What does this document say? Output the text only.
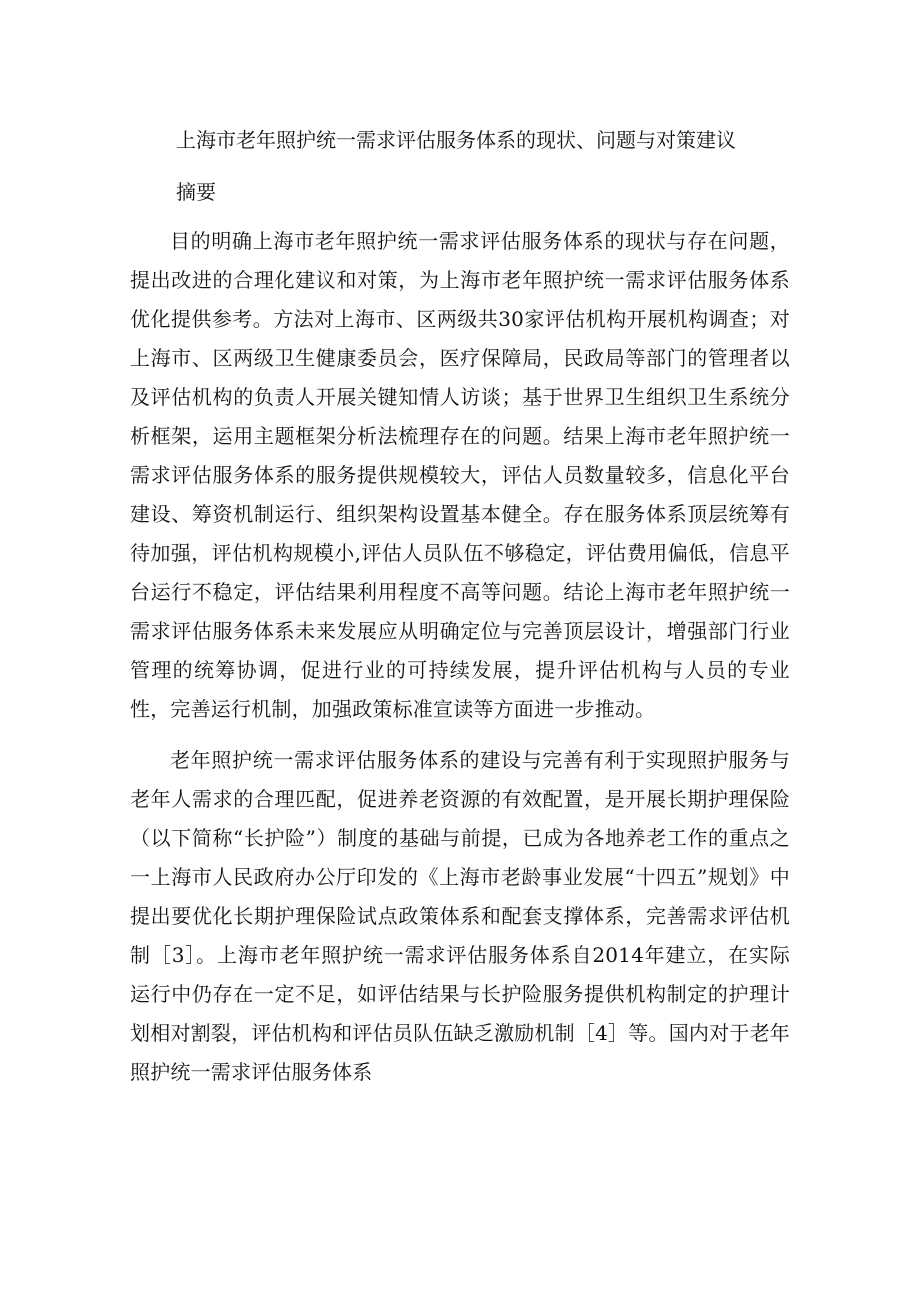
上海市老年照护统一需求评估服务体系的现状、问题与对策建议
摘要

目的明确上海市老年照护统一需求评估服务体系的现状与存在问题，提出改进的合理化建议和对策，为上海市老年照护统一需求评估服务体系优化提供参考。方法对上海市、区两级共30家评估机构开展机构调查；对上海市、区两级卫生健康委员会，医疗保障局，民政局等部门的管理者以及评估机构的负责人开展关键知情人访谈；基于世界卫生组织卫生系统分析框架，运用主题框架分析法梳理存在的问题。结果上海市老年照护统一需求评估服务体系的服务提供规模较大，评估人员数量较多，信息化平台建设、筹资机制运行、组织架构设置基本健全。存在服务体系顶层统筹有待加强，评估机构规模小,评估人员队伍不够稳定，评估费用偏低，信息平台运行不稳定，评估结果利用程度不高等问题。结论上海市老年照护统一需求评估服务体系未来发展应从明确定位与完善顶层设计，增强部门行业管理的统筹协调，促进行业的可持续发展，提升评估机构与人员的专业性，完善运行机制，加强政策标准宣读等方面进一步推动。

老年照护统一需求评估服务体系的建设与完善有利于实现照护服务与老年人需求的合理匹配，促进养老资源的有效配置，是开展长期护理保险（以下简称“长护险”）制度的基础与前提，已成为各地养老工作的重点之一上海市人民政府办公厅印发的《上海市老龄事业发展“十四五”规划》中提出要优化长期护理保险试点政策体系和配套支撑体系，完善需求评估机制［3］。上海市老年照护统一需求评估服务体系自2014年建立，在实际运行中仍存在一定不足，如评估结果与长护险服务提供机构制定的护理计划相对割裂，评估机构和评估员队伍缺乏激励机制［4］等。国内对于老年照护统一需求评估服务体系
